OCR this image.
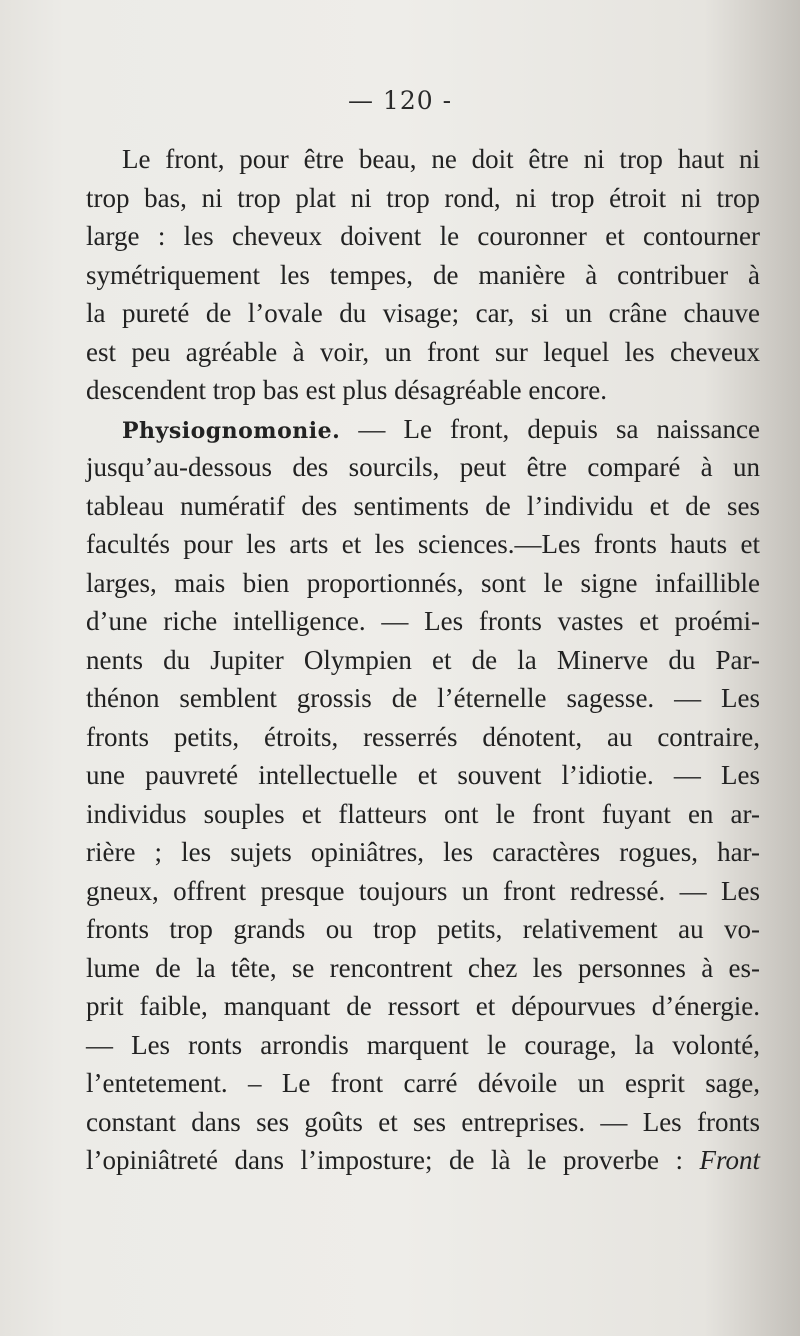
— 120 -
Le front, pour être beau, ne doit être ni trop haut ni
trop bas, ni trop plat ni trop rond, ni trop étroit ni trop
large : les cheveux doivent le couronner et contourner
symétriquement les tempes, de manière à contribuer à
la pureté de l’ovale du visage; car, si un crâne chauve
est peu agréable à voir, un front sur lequel les cheveux
descendent trop bas est plus désagréable encore.
Physiognomonie. — Le front, depuis sa naissance
jusqu’au-dessous des sourcils, peut être comparé à un
tableau numératif des sentiments de l’individu et de ses
facultés pour les arts et les sciences.—Les fronts hauts et
larges, mais bien proportionnés, sont le signe infaillible
d’une riche intelligence. — Les fronts vastes et proémi-
nents du Jupiter Olympien et de la Minerve du Par-
thénon semblent grossis de l’éternelle sagesse. — Les
fronts petits, étroits, resserrés dénotent, au contraire,
une pauvreté intellectuelle et souvent l’idiotie. — Les
individus souples et flatteurs ont le front fuyant en ar-
rière ; les sujets opiniâtres, les caractères rogues, har-
gneux, offrent presque toujours un front redressé. — Les
fronts trop grands ou trop petits, relativement au vo-
lume de la tête, se rencontrent chez les personnes à es-
prit faible, manquant de ressort et dépourvues d’énergie.
— Les ronts arrondis marquent le courage, la volonté,
l’entetement. – Le front carré dévoile un esprit sage,
constant dans ses goûts et ses entreprises. — Les fronts
l’opiniâtreté dans l’imposture; de là le proverbe : Front
